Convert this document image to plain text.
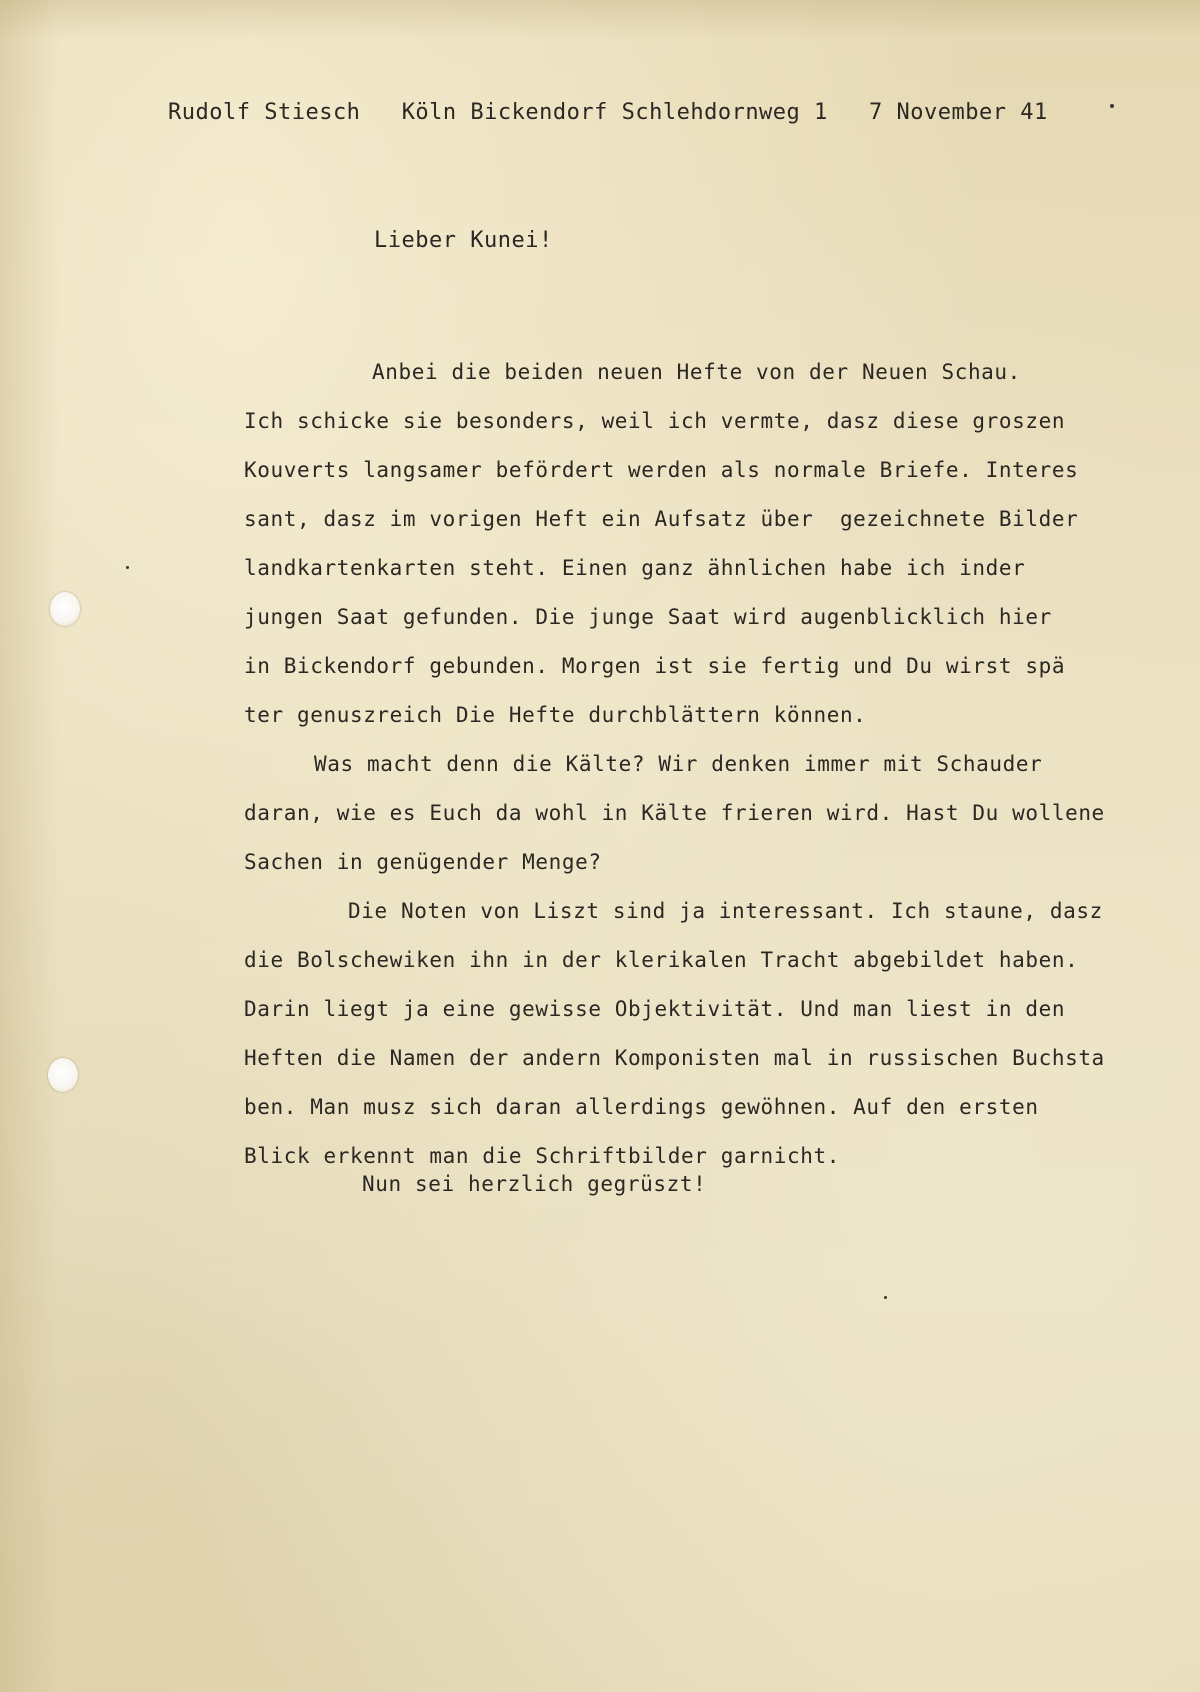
Rudolf Stiesch Köln Bickendorf Schlehdornweg 1 7 November 41
Lieber Kunei!
Anbei die beiden neuen Hefte von der Neuen Schau.
Ich schicke sie besonders, weil ich vermte, dasz diese groszen
Kouverts langsamer befördert werden als normale Briefe. Interes
sant, dasz im vorigen Heft ein Aufsatz über  gezeichnete Bilder
landkartenkarten steht. Einen ganz ähnlichen habe ich inder
jungen Saat gefunden. Die junge Saat wird augenblicklich hier
in Bickendorf gebunden. Morgen ist sie fertig und Du wirst spä
ter genuszreich Die Hefte durchblättern können.
Was macht denn die Kälte? Wir denken immer mit Schauder
daran, wie es Euch da wohl in Kälte frieren wird. Hast Du wollene
Sachen in genügender Menge?
Die Noten von Liszt sind ja interessant. Ich staune, dasz
die Bolschewiken ihn in der klerikalen Tracht abgebildet haben.
Darin liegt ja eine gewisse Objektivität. Und man liest in den
Heften die Namen der andern Komponisten mal in russischen Buchsta
ben. Man musz sich daran allerdings gewöhnen. Auf den ersten
Blick erkennt man die Schriftbilder garnicht.
Nun sei herzlich gegrüszt!
